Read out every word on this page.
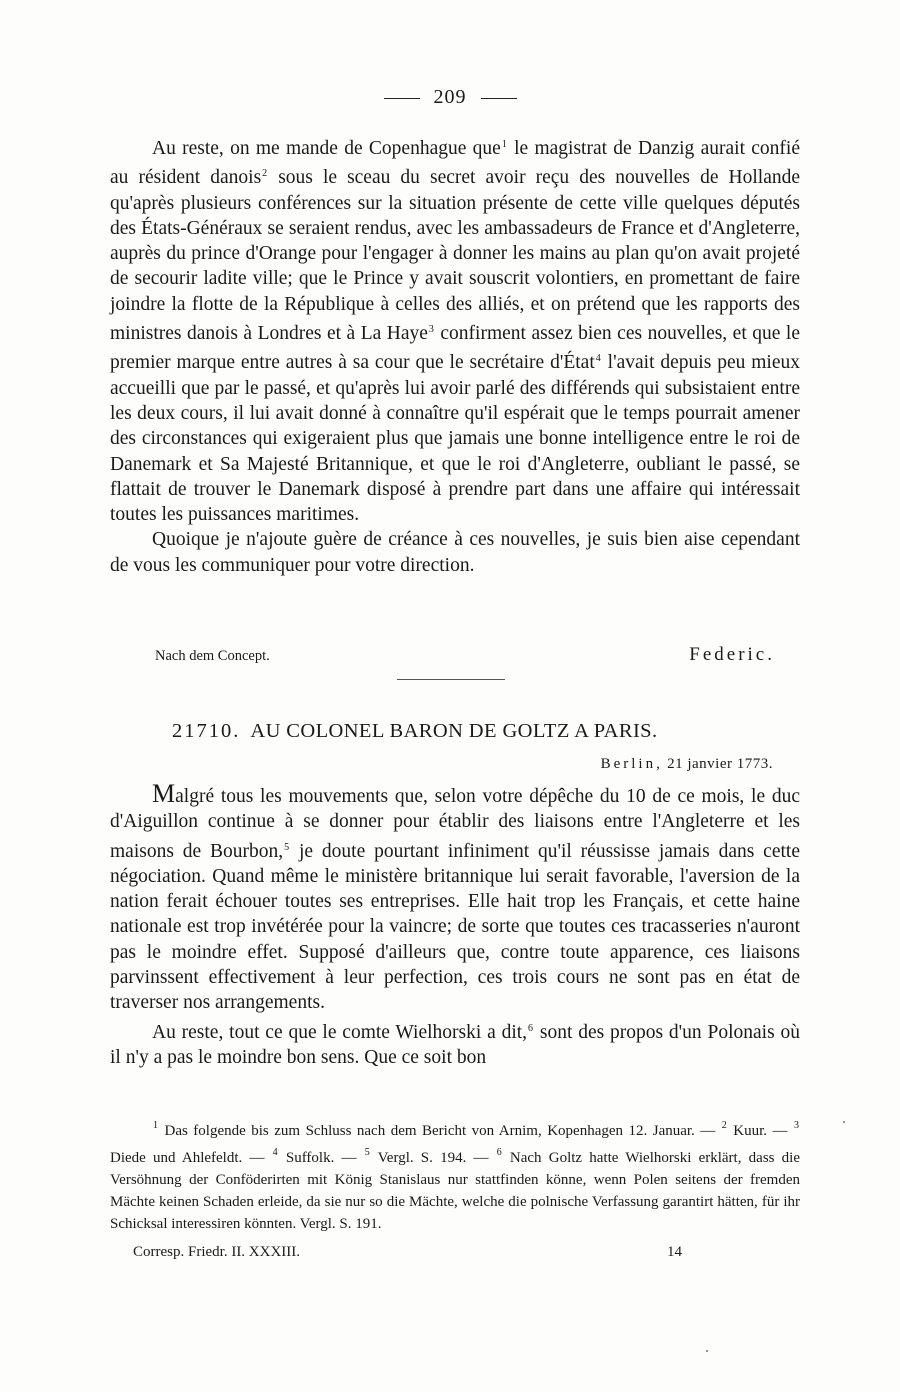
209

Au reste, on me mande de Copenhague que$^1$ le magistrat de Danzig aurait confié au résident danois$^2$ sous le sceau du secret avoir reçu des nouvelles de Hollande qu'après plusieurs conférences sur la situation présente de cette ville quelques députés des États-Généraux se seraient rendus, avec les ambassadeurs de France et d'Angleterre, auprès du prince d'Orange pour l'engager à donner les mains au plan qu'on avait projeté de secourir ladite ville; que le Prince y avait souscrit volontiers, en promettant de faire joindre la flotte de la République à celles des alliés, et on prétend que les rapports des ministres danois à Londres et à La Haye$^3$ confirment assez bien ces nouvelles, et que le premier marque entre autres à sa cour que le secrétaire d'État$^4$ l'avait depuis peu mieux accueilli que par le passé, et qu'après lui avoir parlé des différends qui subsistaient entre les deux cours, il lui avait donné à connaître qu'il espérait que le temps pourrait amener des circonstances qui exigeraient plus que jamais une bonne intelligence entre le roi de Danemark et Sa Majesté Britannique, et que le roi d'Angleterre, oubliant le passé, se flattait de trouver le Danemark disposé à prendre part dans une affaire qui intéressait toutes les puissances maritimes.

Quoique je n'ajoute guère de créance à ces nouvelles, je suis bien aise cependant de vous les communiquer pour votre direction.

Nach dem Concept.	Federic.
21710. AU COLONEL BARON DE GOLTZ A PARIS.
Berlin, 21 janvier 1773.

Malgré tous les mouvements que, selon votre dépêche du 10 de ce mois, le duc d'Aiguillon continue à se donner pour établir des liaisons entre l'Angleterre et les maisons de Bourbon,$^5$ je doute pourtant infiniment qu'il réussisse jamais dans cette négociation. Quand même le ministère britannique lui serait favorable, l'aversion de la nation ferait échouer toutes ses entreprises. Elle hait trop les Français, et cette haine nationale est trop invétérée pour la vaincre; de sorte que toutes ces tracasseries n'auront pas le moindre effet. Supposé d'ailleurs que, contre toute apparence, ces liaisons parvinssent effectivement à leur perfection, ces trois cours ne sont pas en état de traverser nos arrangements.

Au reste, tout ce que le comte Wielhorski a dit,$^6$ sont des propos d'un Polonais où il n'y a pas le moindre bon sens. Que ce soit bon

$^1$ Das folgende bis zum Schluss nach dem Bericht von Arnim, Kopenhagen 12. Januar. — $^2$ Kuur. — $^3$ Diede und Ahlefeldt. — $^4$ Suffolk. — $^5$ Vergl. S. 194. — $^6$ Nach Goltz hatte Wielhorski erklärt, dass die Versöhnung der Conföderirten mit König Stanislaus nur stattfinden könne, wenn Polen seitens der fremden Mächte keinen Schaden erleide, da sie nur so die Mächte, welche die polnische Verfassung garantirt hätten, für ihr Schicksal interessiren könnten. Vergl. S. 191.

Corresp. Friedr. II. XXXIII.	14
